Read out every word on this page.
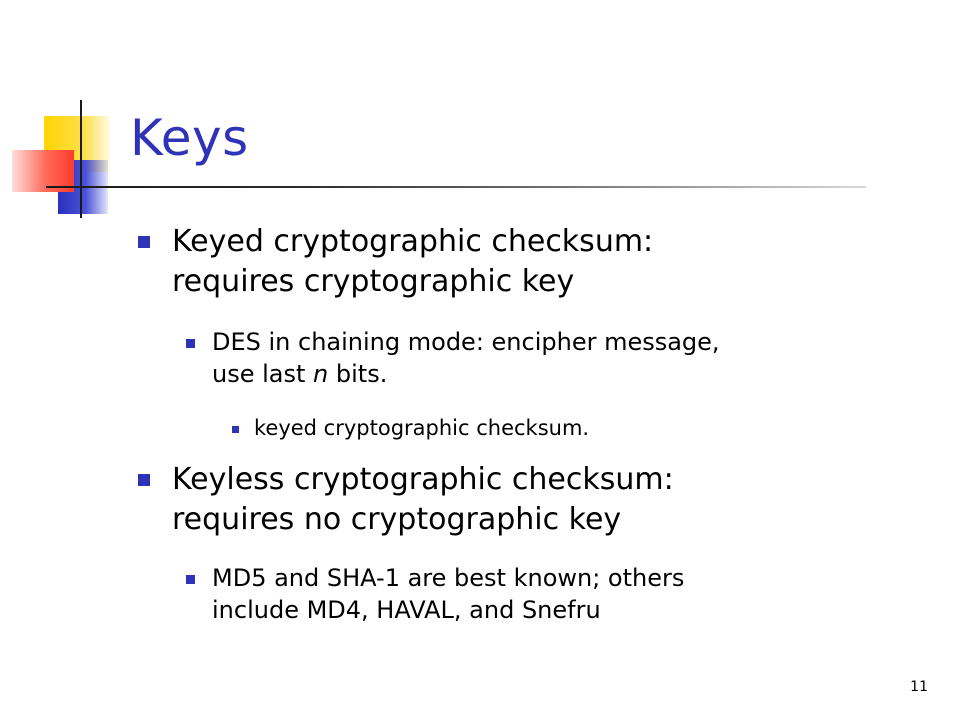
Keys
Keyed cryptographic checksum:
requires cryptographic key
DES in chaining mode: encipher message,
use last n bits.
keyed cryptographic checksum.
Keyless cryptographic checksum:
requires no cryptographic key
MD5 and SHA-1 are best known; others
include MD4, HAVAL, and Snefru
11
